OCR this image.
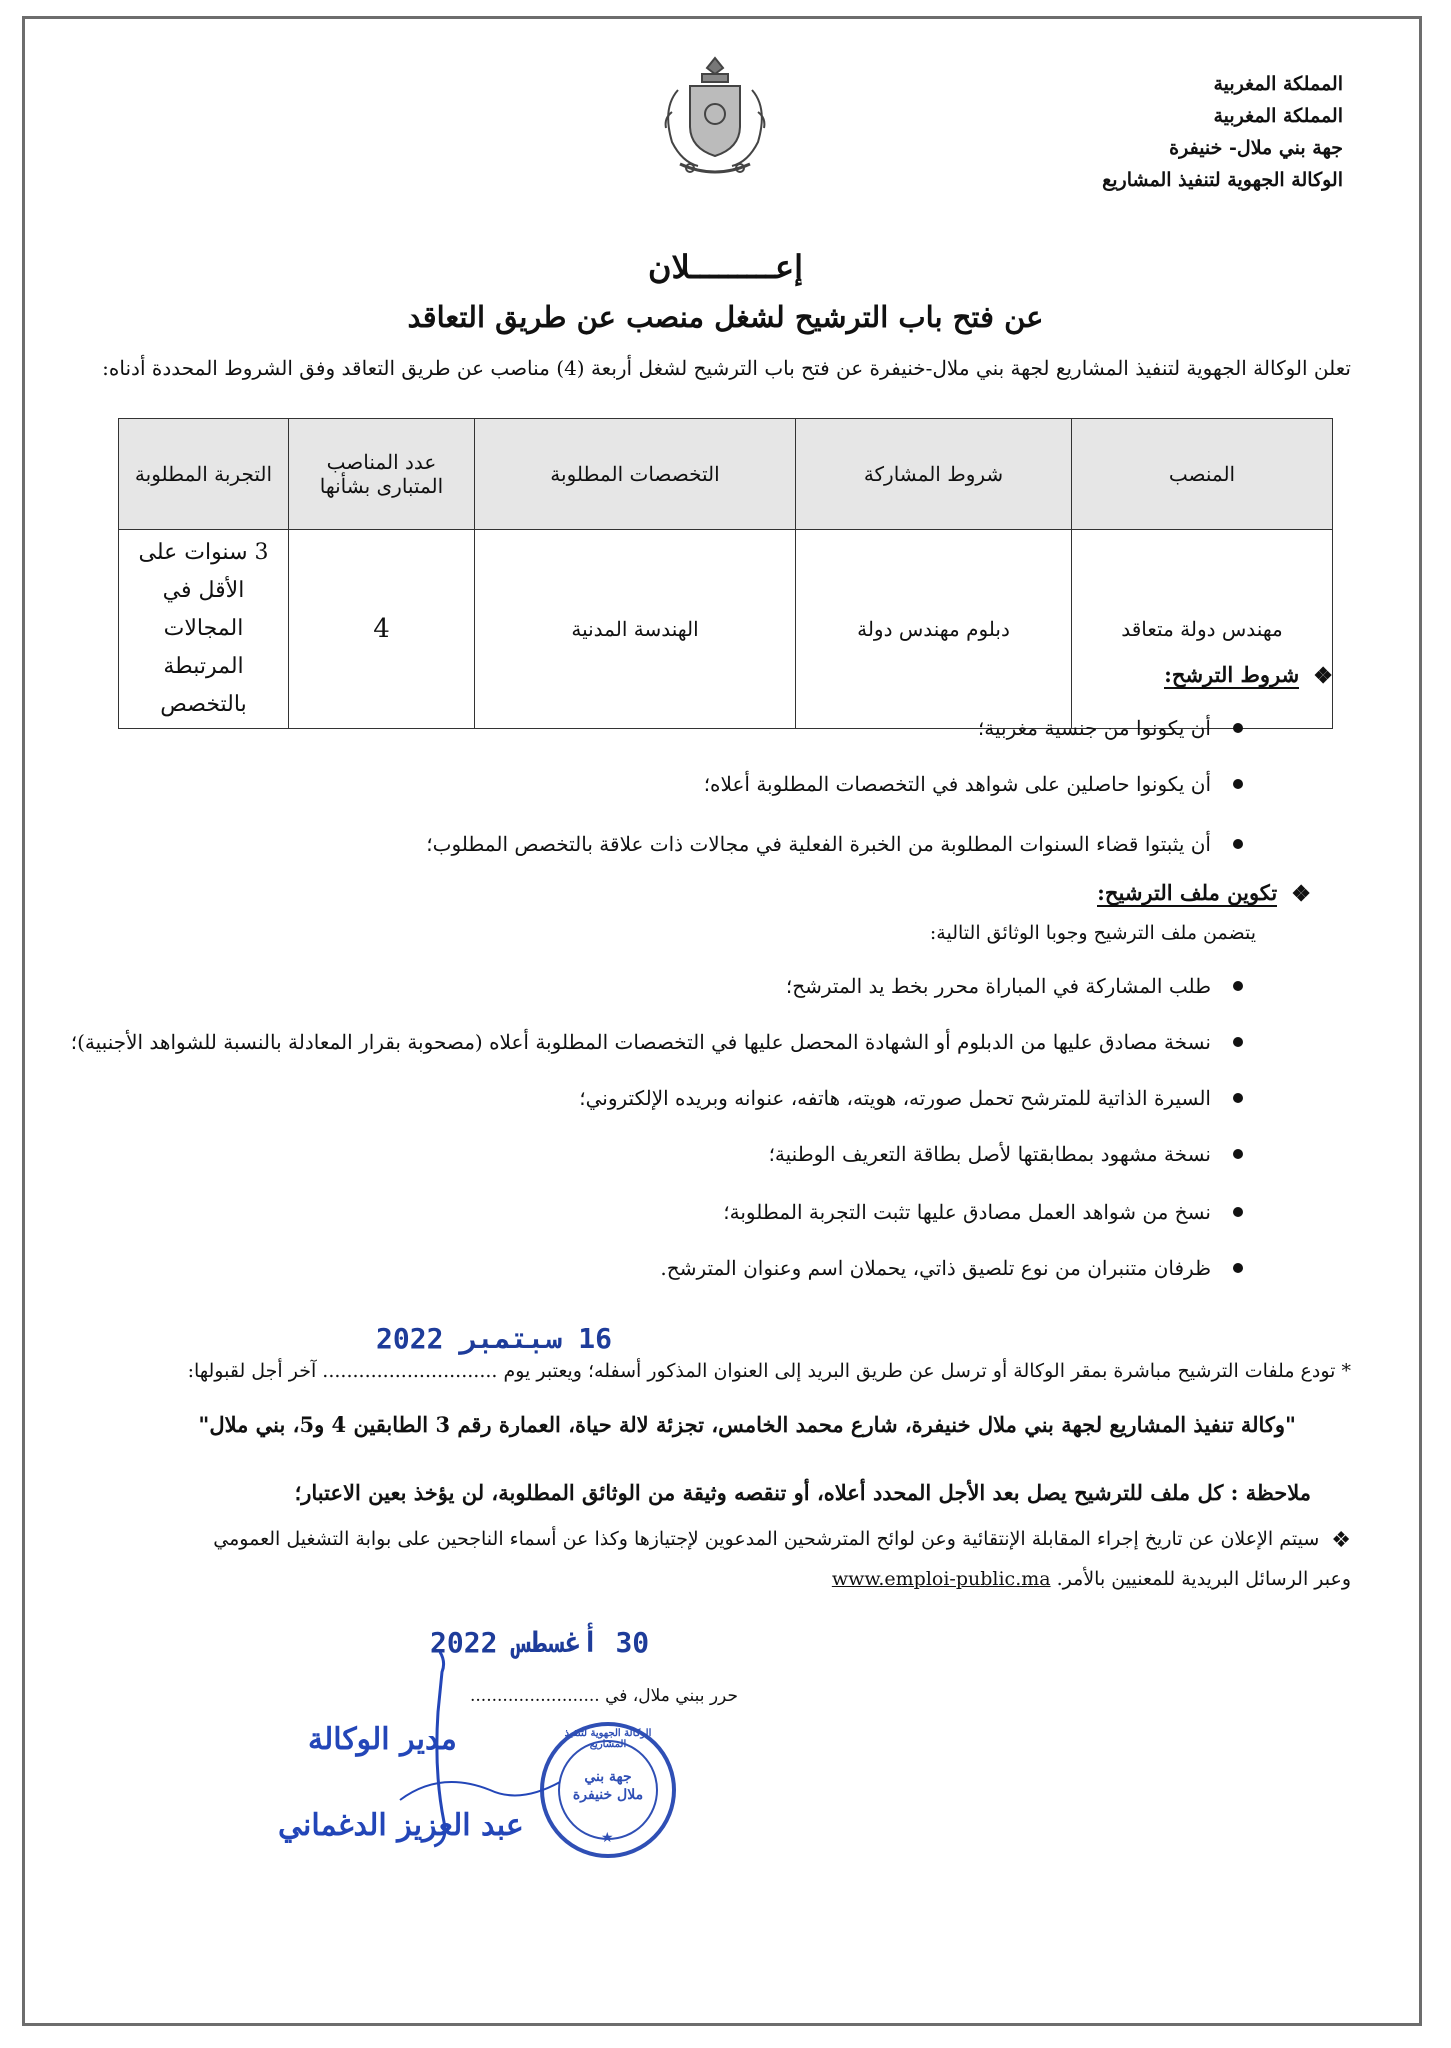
المملكة المغربية
المملكة المغربية
جهة بني ملال- خنيفرة
الوكالة الجهوية لتنفيذ المشاريع
إعـــــــــلان
عن فتح باب الترشيح لشغل منصب عن طريق التعاقد
تعلن الوكالة الجهوية لتنفيذ المشاريع لجهة بني ملال-خنيفرة عن فتح باب الترشيح لشغل أربعة (4) مناصب عن طريق التعاقد وفق الشروط المحددة أدناه:
المنصب	شروط المشاركة	التخصصات المطلوبة	عدد المناصب المتبارى بشأنها	التجربة المطلوبة
مهندس دولة متعاقد	دبلوم مهندس دولة	الهندسة المدنية	4	3 سنوات على الأقل في المجالات المرتبطة بالتخصص
❖
شروط الترشح:
أن يكونوا من جنسية مغربية؛
أن يكونوا حاصلين على شواهد في التخصصات المطلوبة أعلاه؛
أن يثبتوا قضاء السنوات المطلوبة من الخبرة الفعلية في مجالات ذات علاقة بالتخصص المطلوب؛
❖
تكوين ملف الترشيح:
يتضمن ملف الترشيح وجوبا الوثائق التالية:
طلب المشاركة في المباراة محرر بخط يد المترشح؛
نسخة مصادق عليها من الدبلوم أو الشهادة المحصل عليها في التخصصات المطلوبة أعلاه (مصحوبة بقرار المعادلة بالنسبة للشواهد الأجنبية)؛
السيرة الذاتية للمترشح تحمل صورته، هويته، هاتفه، عنوانه وبريده الإلكتروني؛
نسخة مشهود بمطابقتها لأصل بطاقة التعريف الوطنية؛
نسخ من شواهد العمل مصادق عليها تثبت التجربة المطلوبة؛
ظرفان متنبران من نوع تلصيق ذاتي، يحملان اسم وعنوان المترشح.
16 سبتمبر 2022
* تودع ملفات الترشيح مباشرة بمقر الوكالة أو ترسل عن طريق البريد إلى العنوان المذكور أسفله؛ ويعتبر يوم ............................. آخر أجل لقبولها:
"وكالة تنفيذ المشاريع لجهة بني ملال خنيفرة، شارع محمد الخامس، تجزئة لالة حياة، العمارة رقم 3 الطابقين 4 و5، بني ملال"
ملاحظة : كل ملف للترشيح يصل بعد الأجل المحدد أعلاه، أو تنقصه وثيقة من الوثائق المطلوبة، لن يؤخذ بعين الاعتبار؛
❖
سيتم الإعلان عن تاريخ إجراء المقابلة الإنتقائية وعن لوائح المترشحين المدعوين لإجتيازها وكذا عن أسماء الناجحين على بوابة التشغيل العمومي
وعبر الرسائل البريدية للمعنيين بالأمر. www.emploi-public.ma
30 أغسطس 2022
حرر ببني ملال، في ........................
الوكالة الجهوية لتنفيذ المشاريع
جهة بني ملال خنيفرة
★
مدير الوكالة
عبد العزيز الدغماني
